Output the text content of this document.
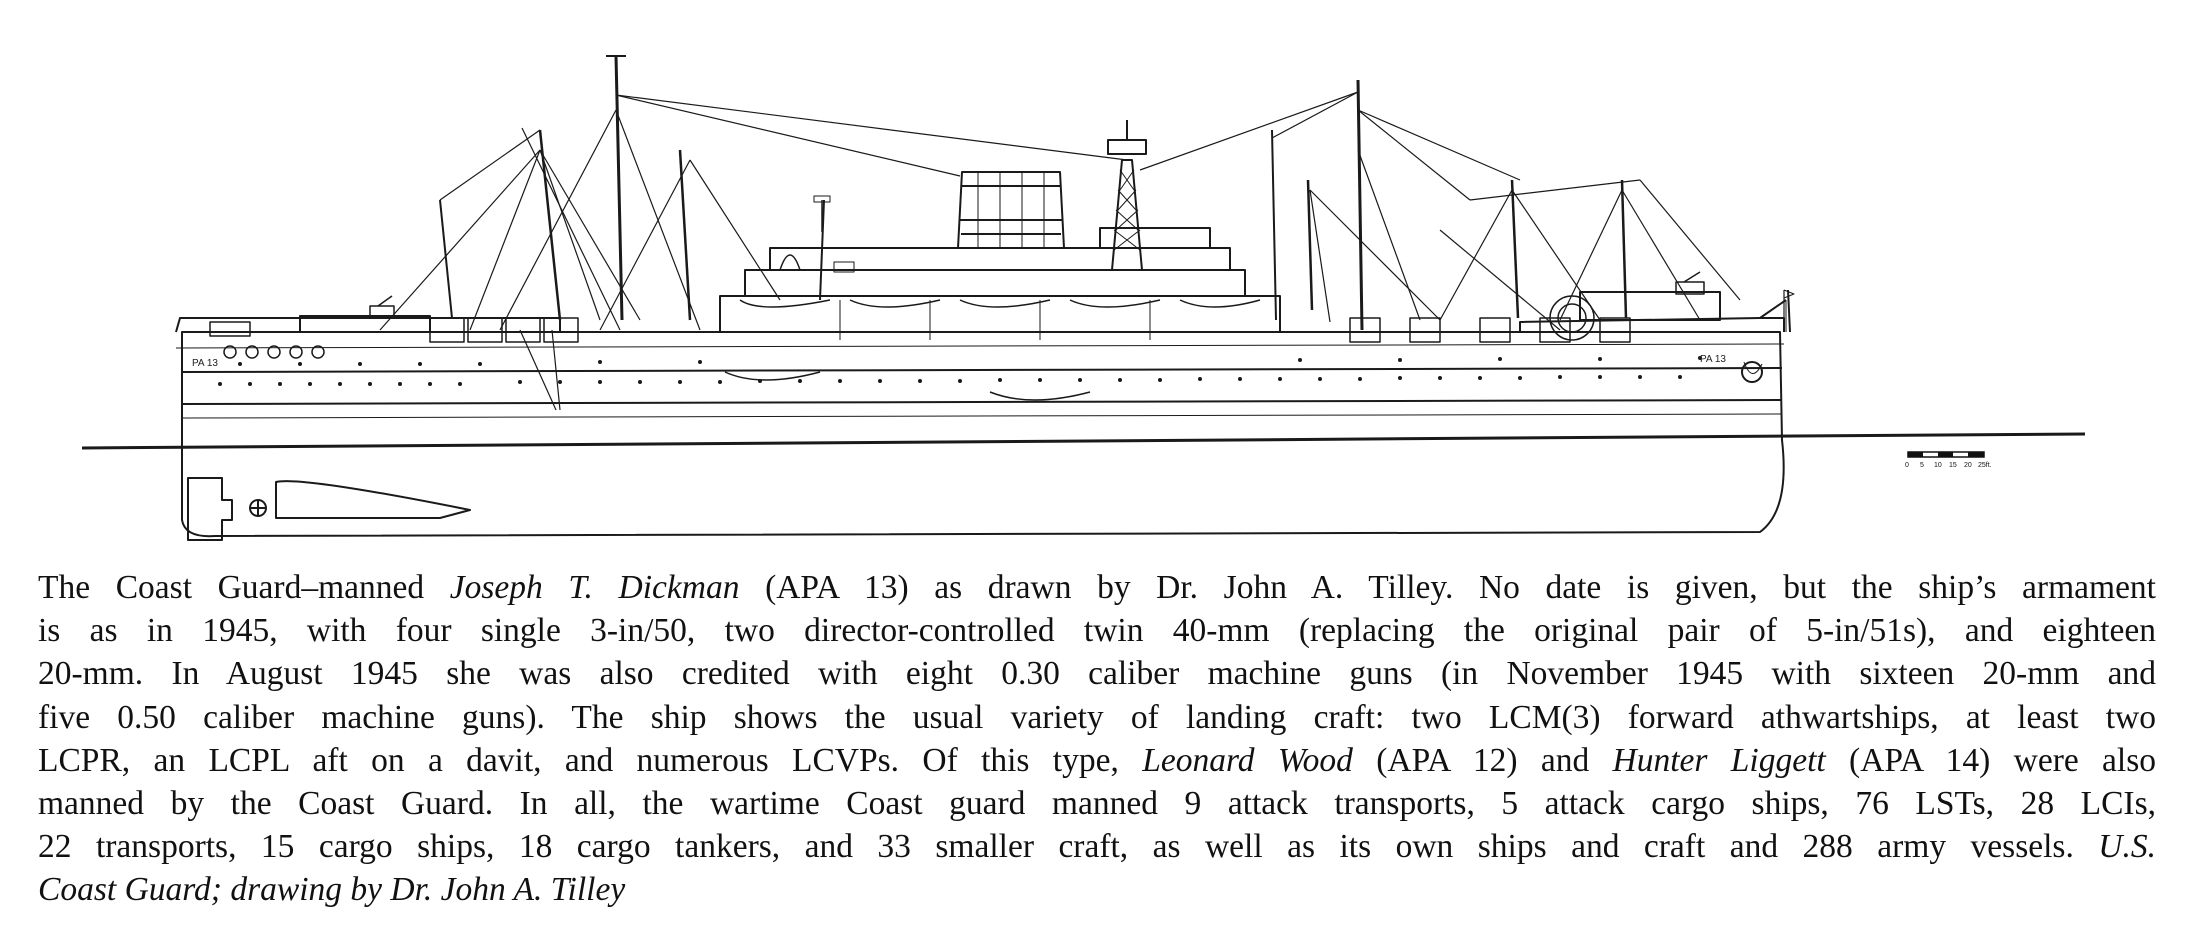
PA 13	PA 13
0 5 10 15 20 25ft.
The Coast Guard–manned Joseph T. Dickman (APA 13) as drawn by Dr. John A. Tilley. No date is given, but the ship’s armament
is as in 1945, with four single 3-in/50, two director-controlled twin 40-mm (replacing the original pair of 5-in/51s), and eighteen
20-mm. In August 1945 she was also credited with eight 0.30 caliber machine guns (in November 1945 with sixteen 20-mm and
five 0.50 caliber machine guns). The ship shows the usual variety of landing craft: two LCM(3) forward athwartships, at least two
LCPR, an LCPL aft on a davit, and numerous LCVPs. Of this type, Leonard Wood (APA 12) and Hunter Liggett (APA 14) were also
manned by the Coast Guard. In all, the wartime Coast guard manned 9 attack transports, 5 attack cargo ships, 76 LSTs, 28 LCIs,
22 transports, 15 cargo ships, 18 cargo tankers, and 33 smaller craft, as well as its own ships and craft and 288 army vessels. U.S.
Coast Guard; drawing by Dr. John A. Tilley
